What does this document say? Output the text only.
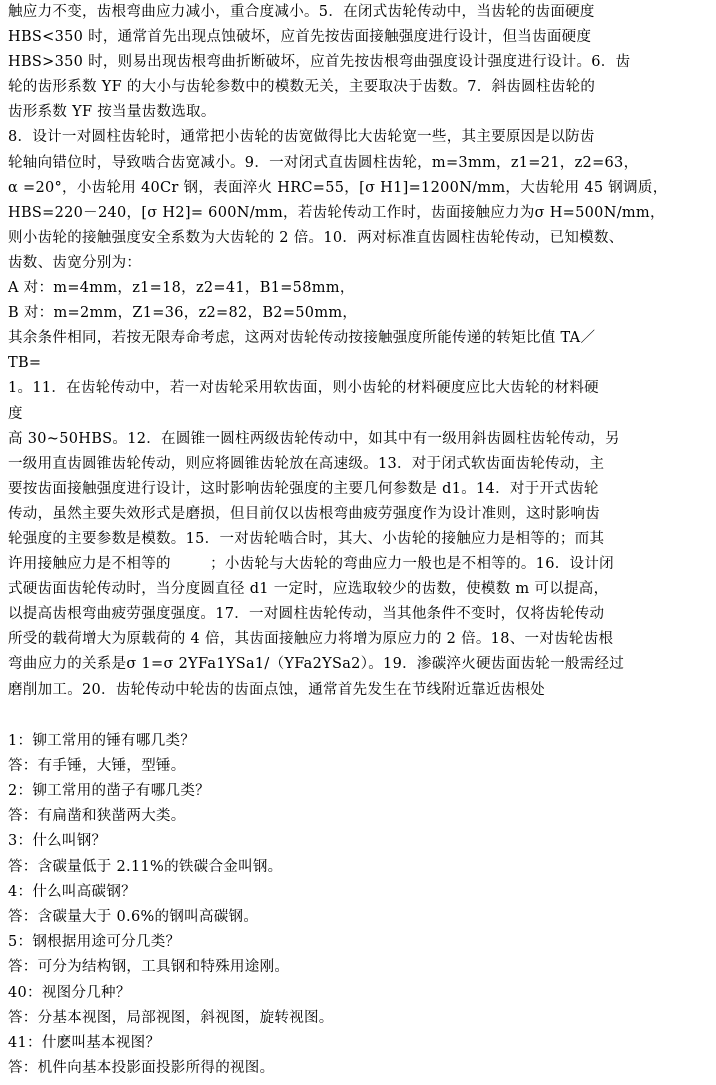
触应力不变，齿根弯曲应力减小，重合度减小。5．在闭式齿轮传动中，当齿轮的齿面硬度

HBS<350 时，通常首先出现点蚀破坏，应首先按齿面接触强度进行设计，但当齿面硬度

HBS>350 时，则易出现齿根弯曲折断破坏，应首先按齿根弯曲强度设计强度进行设计。6．齿

轮的齿形系数 YF 的大小与齿轮参数中的模数无关，主要取决于齿数。7．斜齿圆柱齿轮的

齿形系数 YF 按当量齿数选取。

8．设计一对圆柱齿轮时，通常把小齿轮的齿宽做得比大齿轮宽一些，其主要原因是以防齿

轮轴向错位时，导致啮合齿宽减小。9．一对闭式直齿圆柱齿轮，m=3mm，z1=21，z2=63，

α =20°，小齿轮用 40Cr 钢，表面淬火 HRC=55，[σ H1]=1200N/mm，大齿轮用 45 钢调质，

HBS=220－240，[σ H2]= 600N/mm，若齿轮传动工作时，齿面接触应力为σ H=500N/mm，

则小齿轮的接触强度安全系数为大齿轮的 2 倍。10．两对标准直齿圆柱齿轮传动，已知模数、

齿数、齿宽分别为：

A 对：m=4mm，z1=18，z2=41，B1=58mm，

B 对：m=2mm，Z1=36，z2=82，B2=50mm，

其余条件相同，若按无限寿命考虑，这两对齿轮传动按接触强度所能传递的转矩比值 TA／

TB=

1。11．在齿轮传动中，若一对齿轮采用软齿面，则小齿轮的材料硬度应比大齿轮的材料硬

度

高 30~50HBS。12．在圆锥一圆柱两级齿轮传动中，如其中有一级用斜齿圆柱齿轮传动，另

一级用直齿圆锥齿轮传动，则应将圆锥齿轮放在高速级。13．对于闭式软齿面齿轮传动，主

要按齿面接触强度进行设计，这时影响齿轮强度的主要几何参数是 d1。14．对于开式齿轮

传动，虽然主要失效形式是磨损，但目前仅以齿根弯曲疲劳强度作为设计准则，这时影响齿

轮强度的主要参数是模数。15．一对齿轮啮合时，其大、小齿轮的接触应力是相等的；而其

许用接触应力是不相等的        ；小齿轮与大齿轮的弯曲应力一般也是不相等的。16．设计闭

式硬齿面齿轮传动时，当分度圆直径 d1 一定时，应选取较少的齿数，使模数 m 可以提高，

以提高齿根弯曲疲劳强度强度。17．一对圆柱齿轮传动，当其他条件不变时，仅将齿轮传动

所受的载荷增大为原载荷的 4 倍，其齿面接触应力将增为原应力的 2 倍。18、一对齿轮齿根

弯曲应力的关系是σ 1=σ 2YFa1YSa1/（YFa2YSa2）。19．渗碳淬火硬齿面齿轮一般需经过

磨削加工。20．齿轮传动中轮齿的齿面点蚀，通常首先发生在节线附近靠近齿根处

1：铆工常用的锤有哪几类？

答：有手锤，大锤，型锤。

2：铆工常用的凿子有哪几类？

答：有扁凿和狭凿两大类。

3：什么叫钢？

答：含碳量低于 2.11%的铁碳合金叫钢。

4：什么叫高碳钢？

答：含碳量大于 0.6%的钢叫高碳钢。

5：钢根据用途可分几类？

答：可分为结构钢，工具钢和特殊用途刚。

40：视图分几种？

答：分基本视图，局部视图，斜视图，旋转视图。

41：什麽叫基本视图？

答：机件向基本投影面投影所得的视图。
